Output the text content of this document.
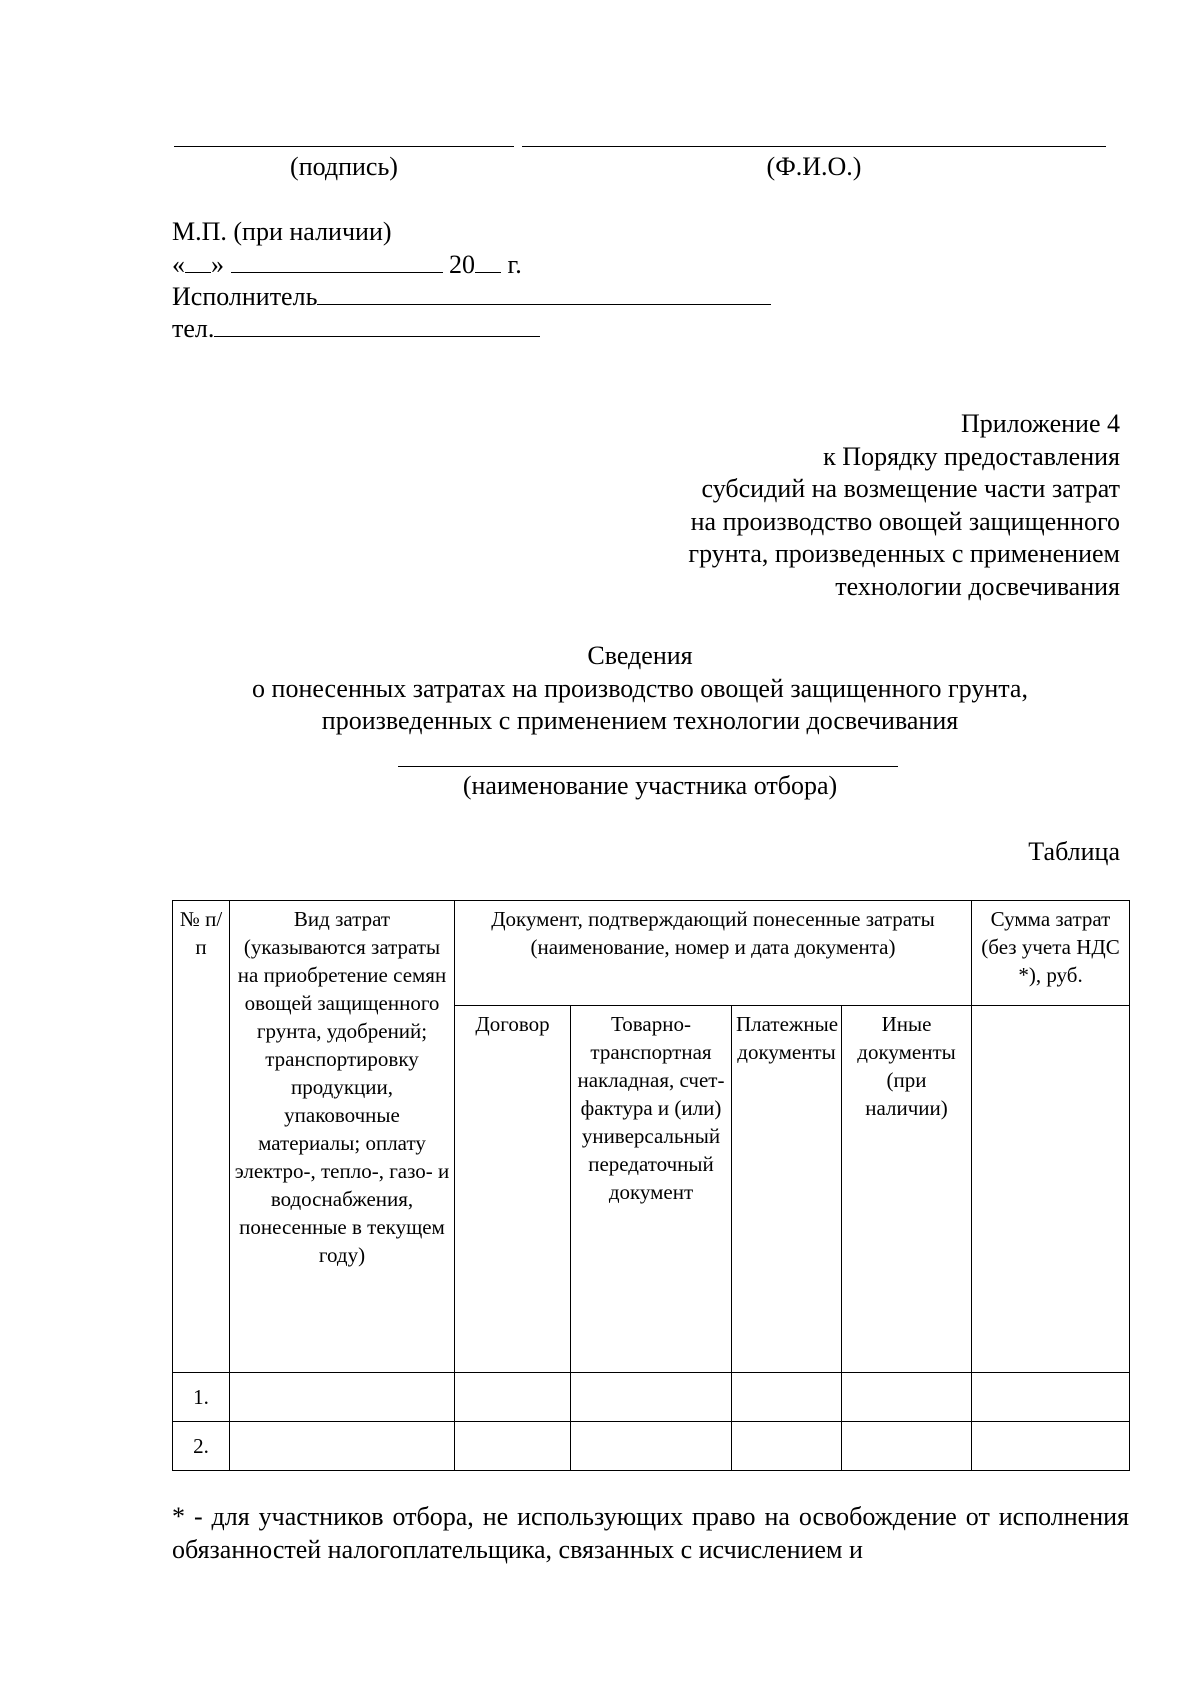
(подпись)	(Ф.И.О.)
М.П. (при наличии)
« »	20 г.
Исполнитель
тел.
Приложение 4
к Порядку предоставления
субсидий на возмещение части затрат
на производство овощей защищенного
грунта, произведенных с применением
технологии досвечивания
Сведения
о понесенных затратах на производство овощей защищенного грунта,
произведенных с применением технологии досвечивания
(наименование участника отбора)
Таблица
№ п/п	Вид затрат (указываются затраты на приобретение семян овощей защищенного грунта, удобрений; транспортировку продукции, упаковочные материалы; оплату электро-, тепло-, газо- и водоснабжения, понесенные в текущем году)	Документ, подтверждающий понесенные затраты (наименование, номер и дата документа)				Сумма затрат (без учета НДС *), руб.
		Договор	Товарно-транспортная накладная, счет-фактура и (или) универсальный передаточный документ	Платежные документы	Иные документы (при наличии)	
1.						
2.						
* - для участников отбора, не использующих право на освобождение от исполнения обязанностей налогоплательщика, связанных с исчислением и
